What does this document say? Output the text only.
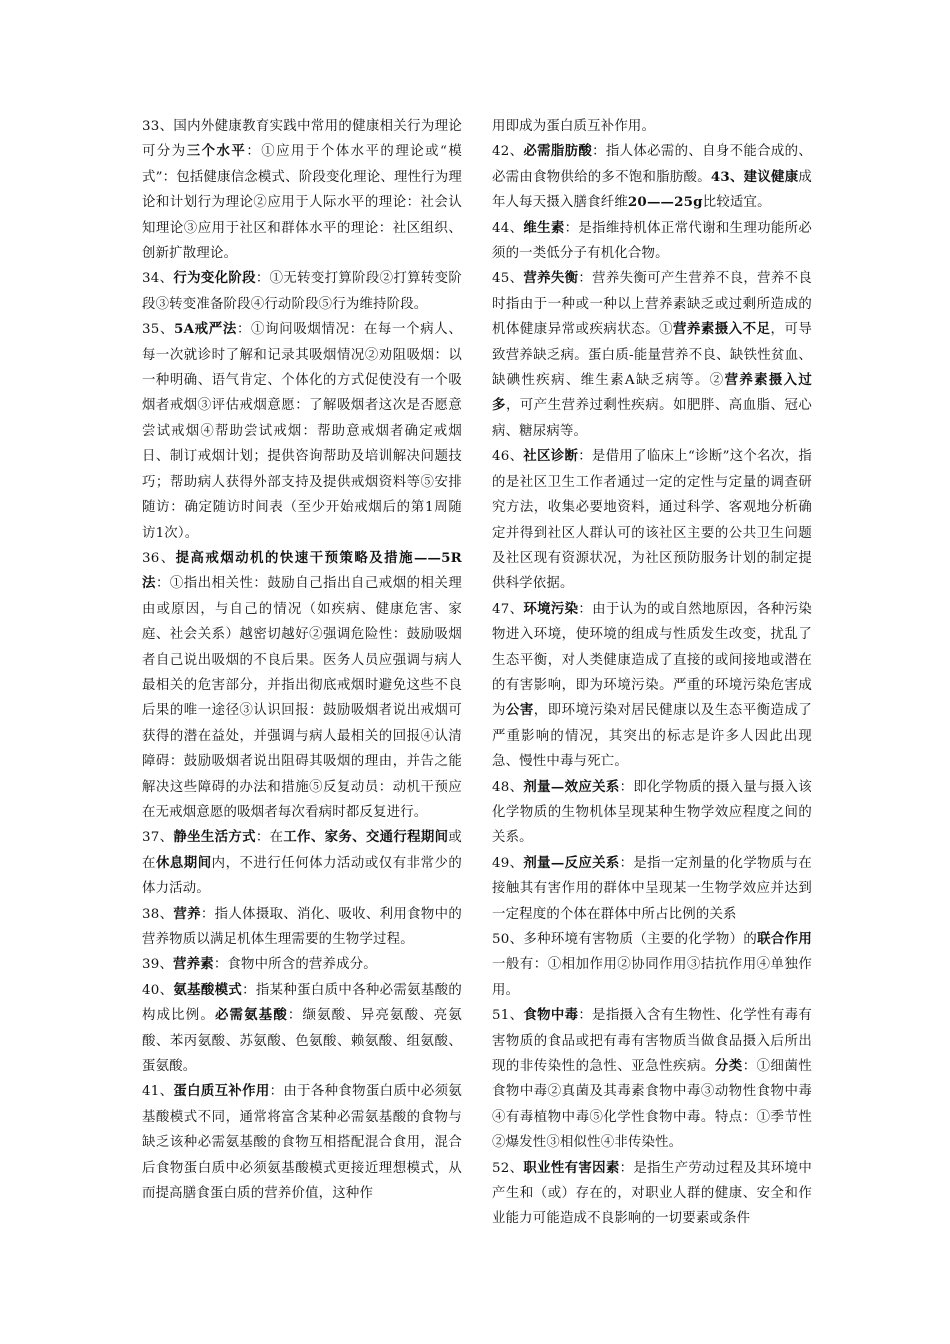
33、国内外健康教育实践中常用的健康相关行为理论可分为三个水平：①应用于个体水平的理论或“模式”：包括健康信念模式、阶段变化理论、理性行为理论和计划行为理论②应用于人际水平的理论：社会认知理论③应用于社区和群体水平的理论：社区组织、创新扩散理论。

34、行为变化阶段：①无转变打算阶段②打算转变阶段③转变准备阶段④行动阶段⑤行为维持阶段。

35、5A戒严法：①询问吸烟情况：在每一个病人、每一次就诊时了解和记录其吸烟情况②劝阻吸烟：以一种明确、语气肯定、个体化的方式促使没有一个吸烟者戒烟③评估戒烟意愿：了解吸烟者这次是否愿意尝试戒烟④帮助尝试戒烟：帮助意戒烟者确定戒烟日、制订戒烟计划；提供咨询帮助及培训解决问题技巧；帮助病人获得外部支持及提供戒烟资料等⑤安排随访：确定随访时间表（至少开始戒烟后的第1周随访1次）。

36、提高戒烟动机的快速干预策略及措施——5R法：①指出相关性：鼓励自己指出自己戒烟的相关理由或原因，与自己的情况（如疾病、健康危害、家庭、社会关系）越密切越好②强调危险性：鼓励吸烟者自己说出吸烟的不良后果。医务人员应强调与病人最相关的危害部分，并指出彻底戒烟时避免这些不良后果的唯一途径③认识回报：鼓励吸烟者说出戒烟可获得的潜在益处，并强调与病人最相关的回报④认清障碍：鼓励吸烟者说出阻碍其吸烟的理由，并告之能解决这些障碍的办法和措施⑤反复动员：动机干预应在无戒烟意愿的吸烟者每次看病时都反复进行。

37、静坐生活方式：在工作、家务、交通行程期间或在休息期间内，不进行任何体力活动或仅有非常少的体力活动。

38、营养：指人体摄取、消化、吸收、利用食物中的营养物质以满足机体生理需要的生物学过程。

39、营养素：食物中所含的营养成分。

40、氨基酸模式：指某种蛋白质中各种必需氨基酸的构成比例。必需氨基酸：缬氨酸、异亮氨酸、亮氨酸、苯丙氨酸、苏氨酸、色氨酸、赖氨酸、组氨酸、蛋氨酸。

41、蛋白质互补作用：由于各种食物蛋白质中必须氨基酸模式不同，通常将富含某种必需氨基酸的食物与缺乏该种必需氨基酸的食物互相搭配混合食用，混合后食物蛋白质中必须氨基酸模式更接近理想模式，从而提高膳食蛋白质的营养价值，这种作

用即成为蛋白质互补作用。

42、必需脂肪酸：指人体必需的、自身不能合成的、必需由食物供给的多不饱和脂肪酸。43、建议健康成年人每天摄入膳食纤维20——25g比较适宜。

44、维生素：是指维持机体正常代谢和生理功能所必须的一类低分子有机化合物。

45、营养失衡：营养失衡可产生营养不良，营养不良时指由于一种或一种以上营养素缺乏或过剩所造成的机体健康异常或疾病状态。①营养素摄入不足，可导致营养缺乏病。蛋白质-能量营养不良、缺铁性贫血、缺碘性疾病、维生素A缺乏病等。②营养素摄入过多，可产生营养过剩性疾病。如肥胖、高血脂、冠心病、糖尿病等。

46、社区诊断：是借用了临床上“诊断”这个名次，指的是社区卫生工作者通过一定的定性与定量的调查研究方法，收集必要地资料，通过科学、客观地分析确定并得到社区人群认可的该社区主要的公共卫生问题及社区现有资源状况，为社区预防服务计划的制定提供科学依据。

47、环境污染：由于认为的或自然地原因，各种污染物进入环境，使环境的组成与性质发生改变，扰乱了生态平衡，对人类健康造成了直接的或间接地或潜在的有害影响，即为环境污染。严重的环境污染危害成为公害，即环境污染对居民健康以及生态平衡造成了严重影响的情况，其突出的标志是许多人因此出现急、慢性中毒与死亡。

48、剂量—效应关系：即化学物质的摄入量与摄入该化学物质的生物机体呈现某种生物学效应程度之间的关系。

49、剂量—反应关系：是指一定剂量的化学物质与在接触其有害作用的群体中呈现某一生物学效应并达到一定程度的个体在群体中所占比例的关系

50、多种环境有害物质（主要的化学物）的联合作用一般有：①相加作用②协同作用③拮抗作用④单独作用。

51、食物中毒：是指摄入含有生物性、化学性有毒有害物质的食品或把有毒有害物质当做食品摄入后所出现的非传染性的急性、亚急性疾病。分类：①细菌性食物中毒②真菌及其毒素食物中毒③动物性食物中毒④有毒植物中毒⑤化学性食物中毒。特点：①季节性②爆发性③相似性④非传染性。

52、职业性有害因素：是指生产劳动过程及其环境中产生和（或）存在的，对职业人群的健康、安全和作业能力可能造成不良影响的一切要素或条件
